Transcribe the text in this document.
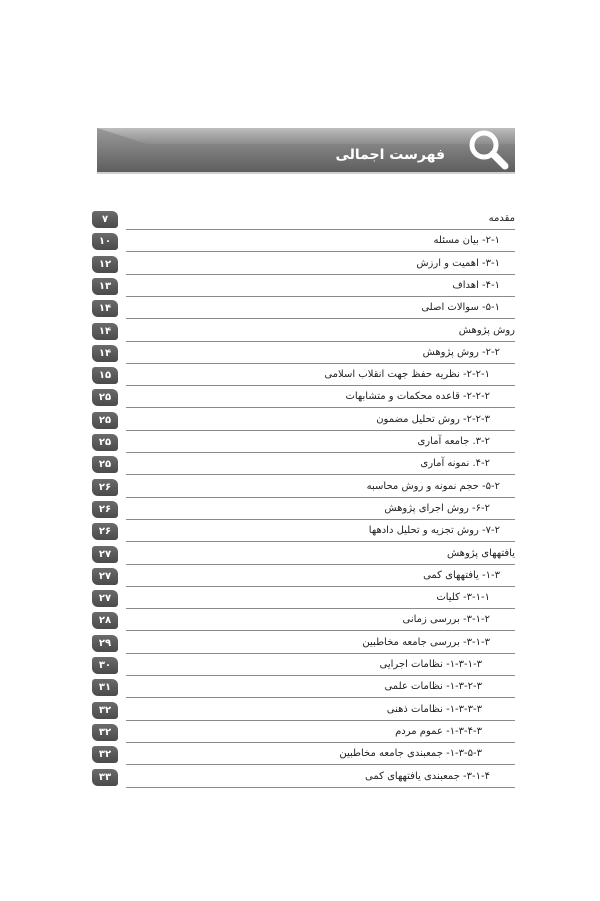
فهرست اجمالی
۷	مقدمه
۱۰	۲-۱- بیان مسئله
۱۲	۳-۱- اهمیت و ارزش
۱۳	۴-۱- اهداف
۱۴	۵-۱- سوالات اصلی
۱۴	روش پژوهش
۱۴	۲-۲- روش پژوهش
۱۵	۲-۲-۱- نظریه حفظ جهت انقلاب اسلامی
۲۵	۲-۲-۲- قاعده محکمات و متشابهات
۲۵	۲-۲-۳- روش تحلیل مضمون
۲۵	۳-۲. جامعه آماری
۲۵	۴-۲. نمونه آماری
۲۶	۵-۲- حجم نمونه و روش محاسبه
۲۶	۶-۲- روش اجرای پژوهش
۲۶	۷-۲- روش تجزیه و تحلیل دادهها
۲۷	یافتههای پژوهش
۲۷	۱-۳- یافتههای کمی
۲۷	۳-۱-۱- کلیات
۲۸	۳-۱-۲- بررسی زمانی
۲۹	۳-۱-۳- بررسی جامعه مخاطبین
۳۰	۱-۳-۱-۳- نظامات اجرایی
۳۱	۱-۳-۲-۳- نظامات علمی
۳۲	۱-۳-۳-۳- نظامات ذهنی
۳۲	۱-۳-۴-۳- عموم مردم
۳۲	۱-۳-۵-۳- جمعبندی جامعه مخاطبین
۳۳	۳-۱-۴- جمعبندی یافتههای کمی
